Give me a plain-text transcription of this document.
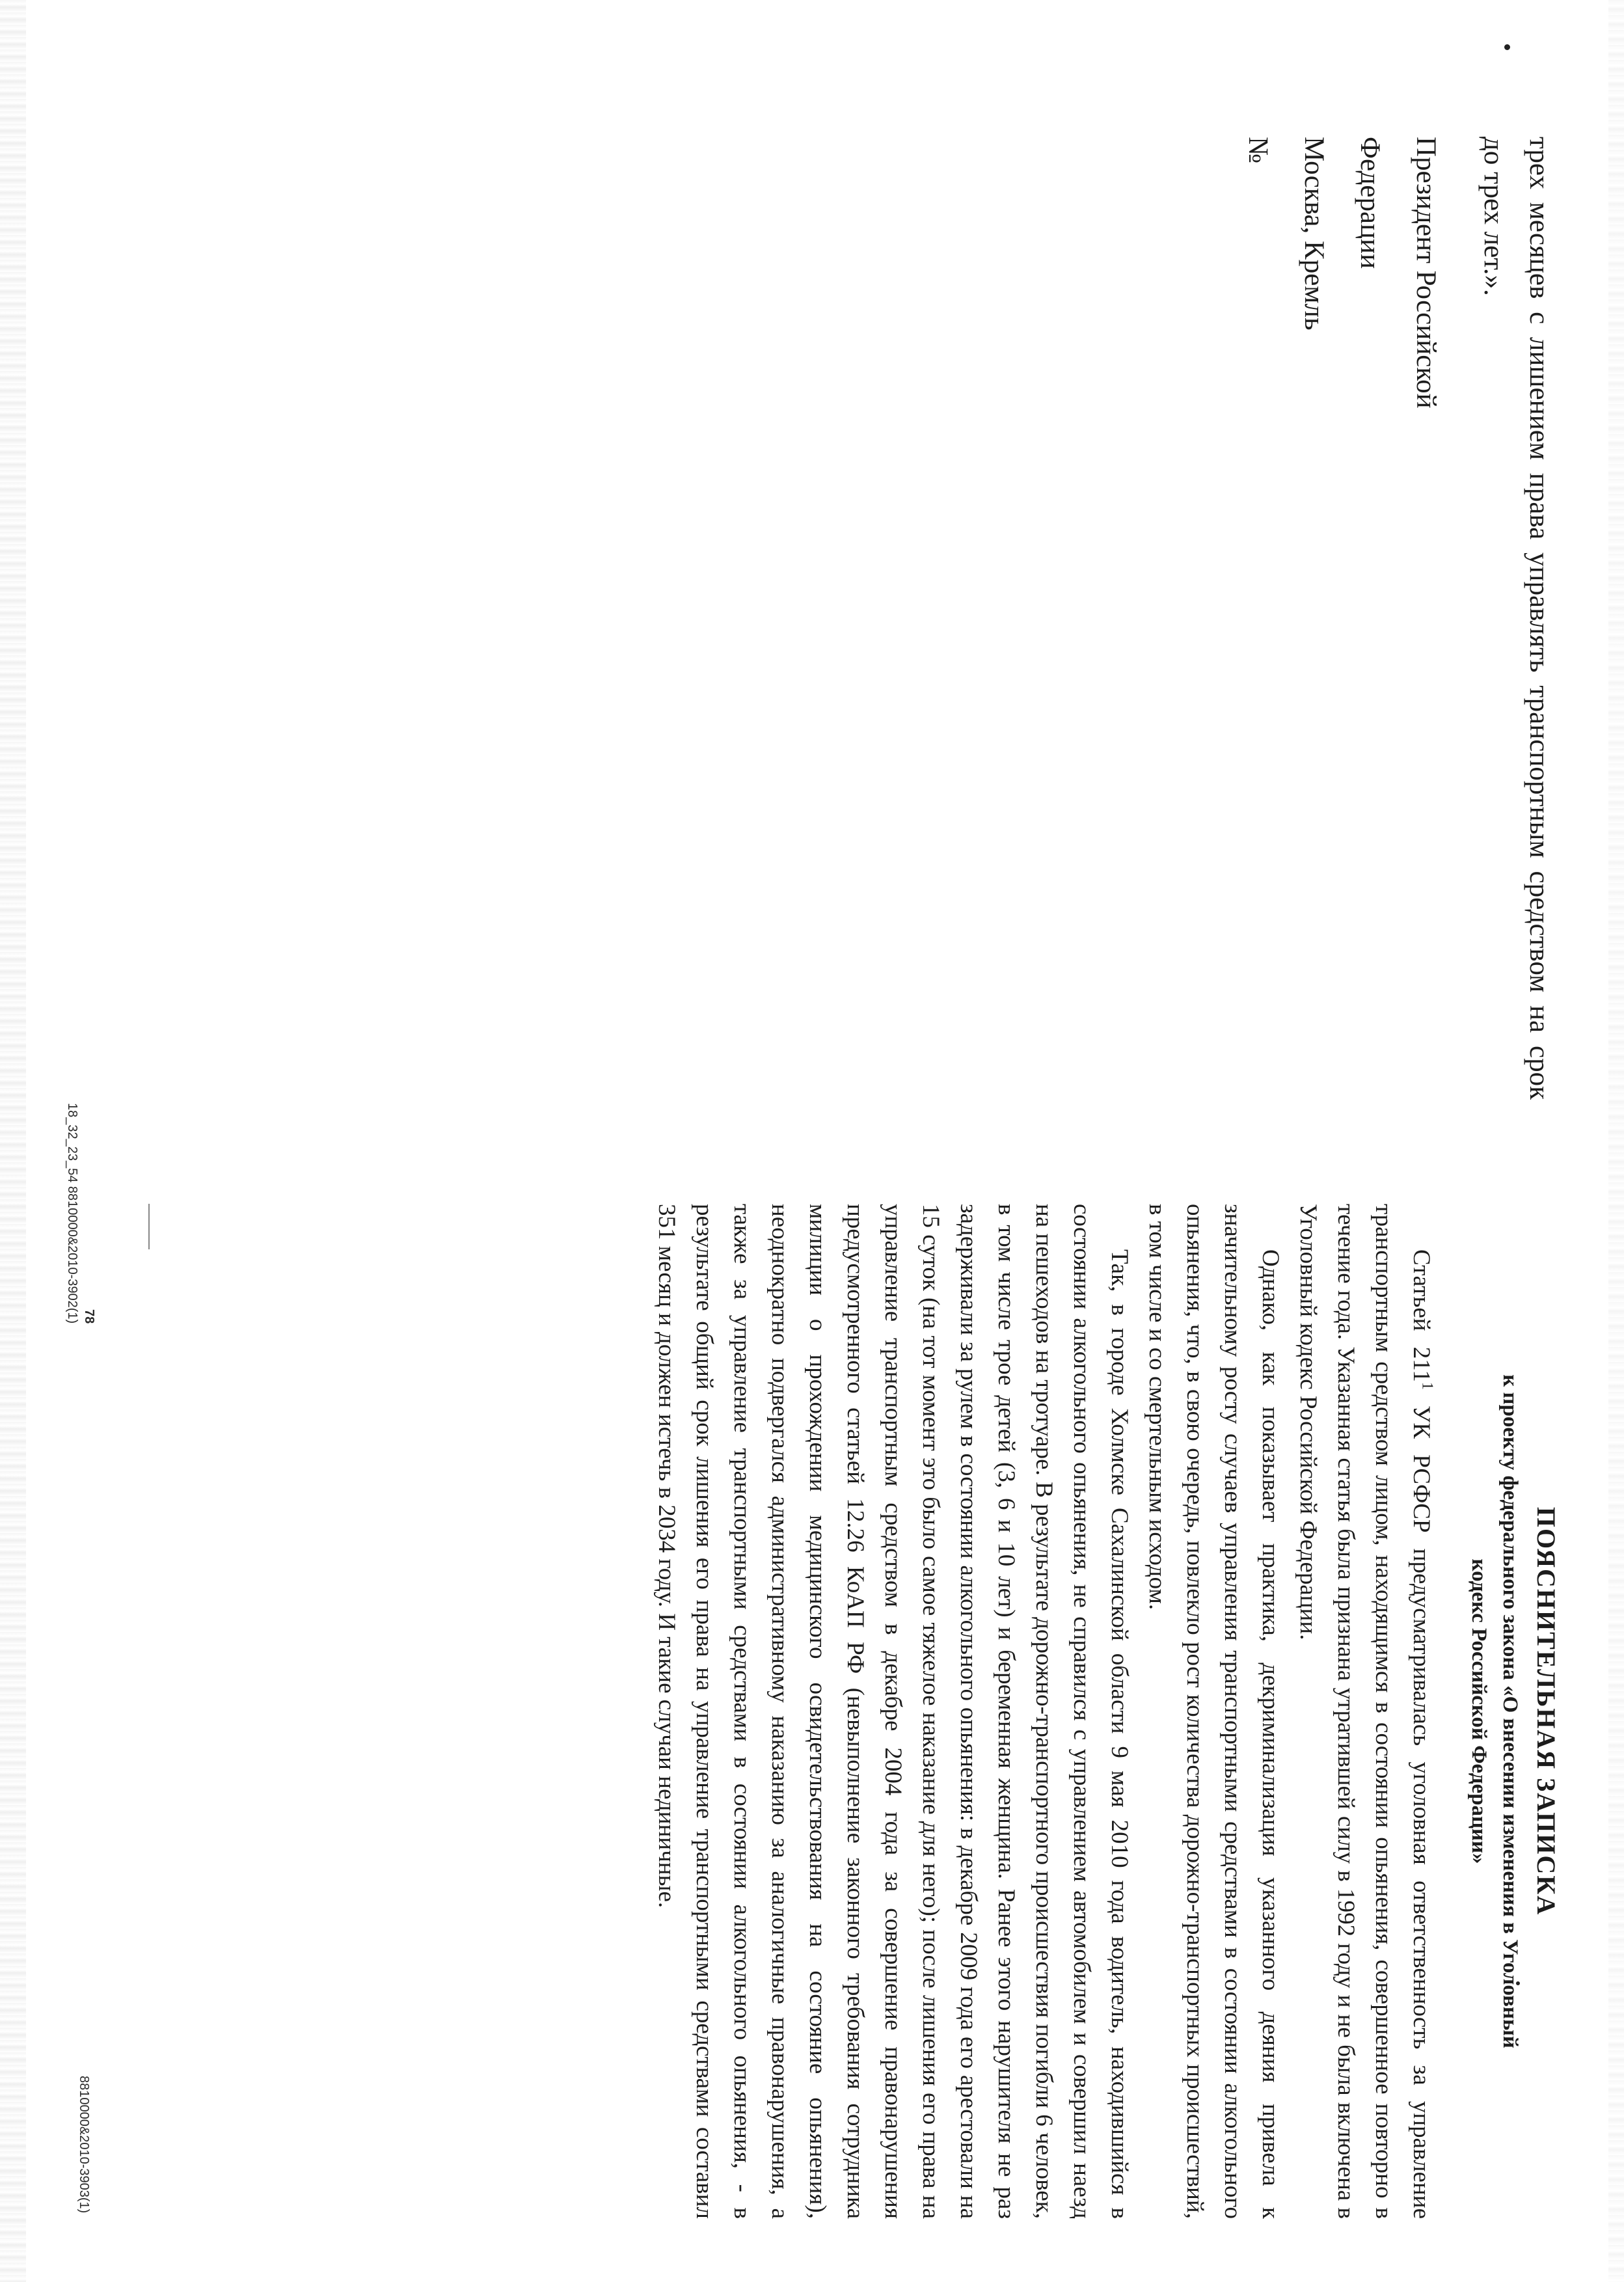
трех месяцев с лишением права управлять транспортным средством на срок
до трех лет.».
Президент Российской
Федерации
Москва, Кремль
№
78
18_32_23_54 8810000&2010-3902(1)
ПОЯСНИТЕЛЬНАЯ ЗАПИСКА
к проекту федерального закона «О внесении изменения в Уголовный
кодекс Российской Федерации»

Статьей $211^1$ УК РСФСР предусматривалась уголовная ответственность за управление транспортным средством лицом, находящимся в состоянии опьянения, совершенное повторно в течение года. Указанная статья была признана утратившей силу в 1992 году и не была включена в Уголовный кодекс Российской Федерации.

Однако, как показывает практика, декриминализация указанного деяния привела к значительному росту случаев управления транспортными средствами в состоянии алкогольного опьянения, что, в свою очередь, повлекло рост количества дорожно-транспортных происшествий, в том числе и со смертельным исходом.

Так, в городе Холмске Сахалинской области 9 мая 2010 года водитель, находившийся в состоянии алкогольного опьянения, не справился с управлением автомобилем и совершил наезд на пешеходов на тротуаре. В результате дорожно-транспортного происшествия погибли 6 человек, в том числе трое детей (3, 6 и 10 лет) и беременная женщина. Ранее этого нарушителя не раз задерживали за рулем в состоянии алкогольного опьянения: в декабре 2009 года его арестовали на 15 суток (на тот момент это было самое тяжелое наказание для него); после лишения его права на управление транспортным средством в декабре 2004 года за совершение правонарушения предусмотренного статьей 12.26 КоАП РФ (невыполнение законного требования сотрудника милиции о прохождении медицинского освидетельствования на состояние опьянения), неоднократно подвергался административному наказанию за аналогичные правонарушения, а также за управление транспортными средствами в состоянии алкогольного опьянения, - в результате общий срок лишения его права на управление транспортными средствами составил 351 месяц и должен истечь в 2034 году. И такие случаи нединичные.

8810000&2010-3903(1)
